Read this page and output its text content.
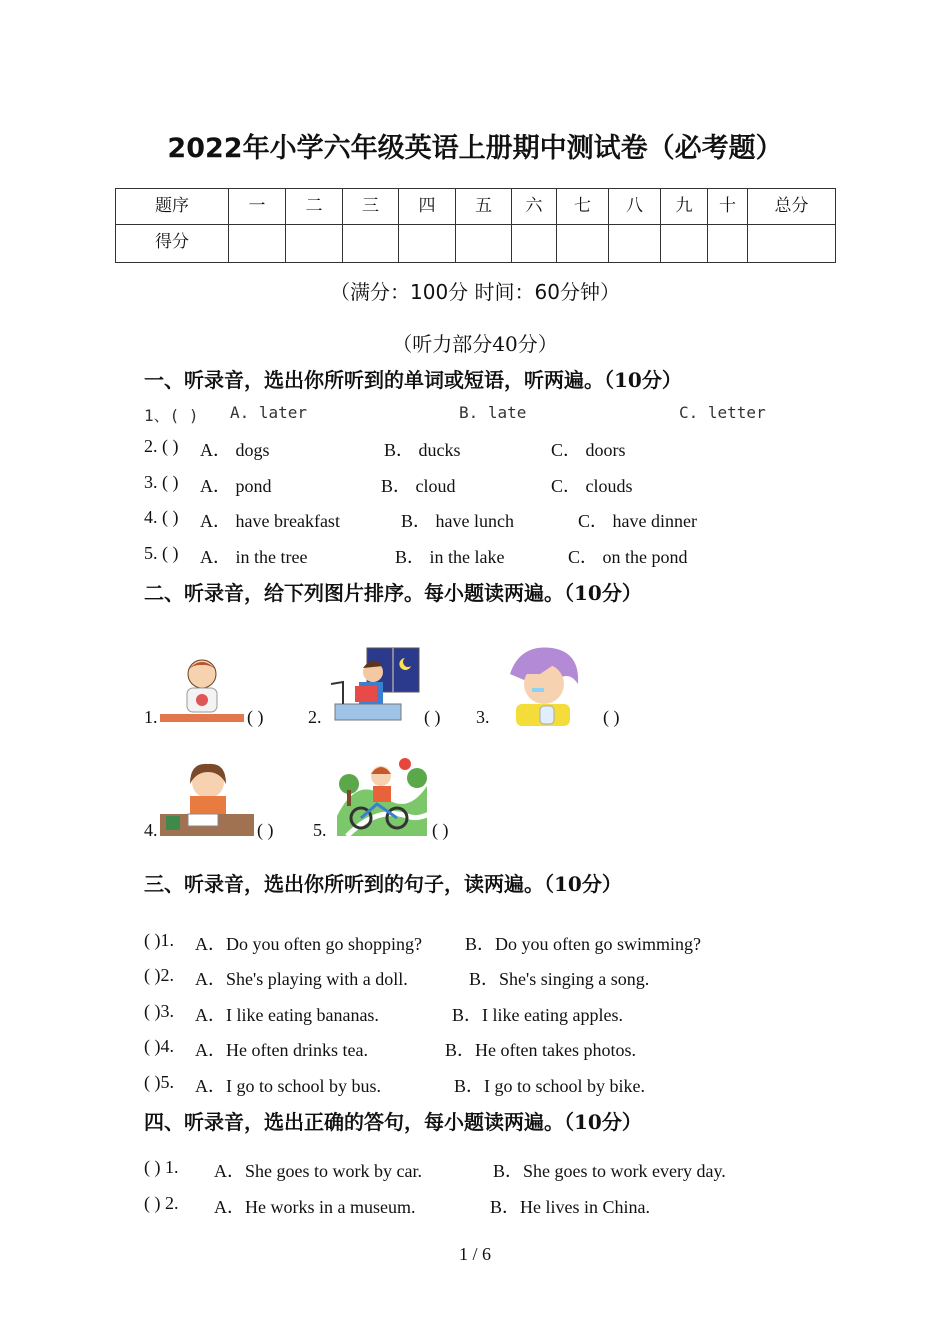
2022年小学六年级英语上册期中测试卷（必考题）
题序	一	二	三	四	五	六	七	八	九	十	总分
得分											
（满分：100分 时间：60分钟）
（听力部分40分）
一、听录音，选出你所听到的单词或短语，听两遍。（10分）
1、( ) A. later	B. late	C. letter
2. ( ) A． dogs	B． ducks	C． doors
3. ( ) A． pond	B． cloud	C． clouds
4. ( ) A． have breakfast	B． have lunch	C． have dinner
5. ( ) A． in the tree	B． in the lake	C． on the pond
二、听录音，给下列图片排序。每小题读两遍。（10分）
1.	( ) 2.	( ) 3.	( )
4.	( ) 5.	( )
三、听录音，选出你所听到的句子，读两遍。（10分）
( )1. A．Do you often go shopping? B．Do you often go swimming?
( )2. A．She's playing with a doll.	B．She's singing a song.
( )3. A．I like eating bananas.	B．I like eating apples.
( )4. A．He often drinks tea.	B．He often takes photos.
( )5. A．I go to school by bus.	B．I go to school by bike.
四、听录音，选出正确的答句，每小题读两遍。（10分）
( ) 1. A．She goes to work by car.	B．She goes to work every day.
( ) 2. A．He works in a museum.	B．He lives in China.
1 / 6
